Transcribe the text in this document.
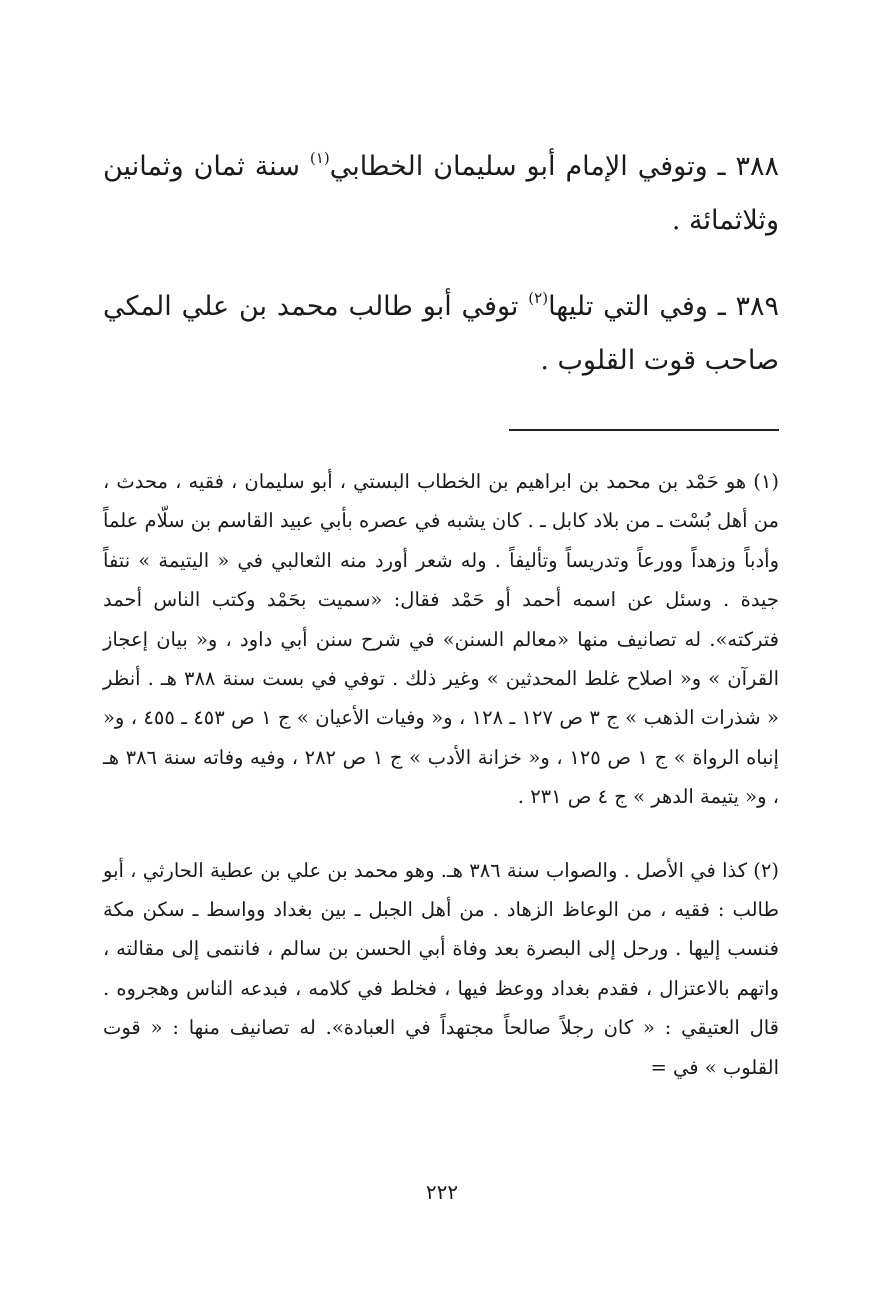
٣٨٨ ـ وتوفي الإمام أبو سليمان الخطابي$^{(١)}$ سنة ثمان وثمانين وثلاثمائة .

٣٨٩ ـ وفي التي تليها$^{(٢)}$ توفي أبو طالب محمد بن علي المكي صاحب قوت القلوب .

(١) هو حَمْد بن محمد بن ابراهيم بن الخطاب البستي ، أبو سليمان ، فقيه ، محدث ، من أهل بُسْت ـ من بلاد كابل ـ . كان يشبه في عصره بأبي عبيد القاسم بن سلّام علماً وأدباً وزهداً وورعاً وتدريساً وتأليفاً . وله شعر أورد منه الثعالبي في « اليتيمة » نتفاً جيدة . وسئل عن اسمه أحمد أو حَمْد فقال: «سميت بحَمْد وكتب الناس أحمد فتركته». له تصانيف منها «معالم السنن» في شرح سنن أبي داود ، و« بيان إعجاز القرآن » و« اصلاح غلط المحدثين » وغير ذلك . توفي في بست سنة ٣٨٨ هـ . أنظر « شذرات الذهب » ج ٣ ص ١٢٧ ـ ١٢٨ ، و« وفيات الأعيان » ج ١ ص ٤٥٣ ـ ٤٥٥ ، و« إنباه الرواة » ج ١ ص ١٢٥ ، و« خزانة الأدب » ج ١ ص ٢٨٢ ، وفيه وفاته سنة ٣٨٦ هـ ، و« يتيمة الدهر » ج ٤ ص ٢٣١ .

(٢) كذا في الأصل . والصواب سنة ٣٨٦ هـ. وهو محمد بن علي بن عطية الحارثي ، أبو طالب : فقيه ، من الوعاظ الزهاد . من أهل الجبل ـ بين بغداد وواسط ـ سكن مكة فنسب إليها . ورحل إلى البصرة بعد وفاة أبي الحسن بن سالم ، فانتمى إلى مقالته ، واتهم بالاعتزال ، فقدم بغداد ووعظ فيها ، فخلط في كلامه ، فبدعه الناس وهجروه . قال العتيقي : « كان رجلاً صالحاً مجتهداً في العبادة». له تصانيف منها : « قوت القلوب » في =

٢٢٢
